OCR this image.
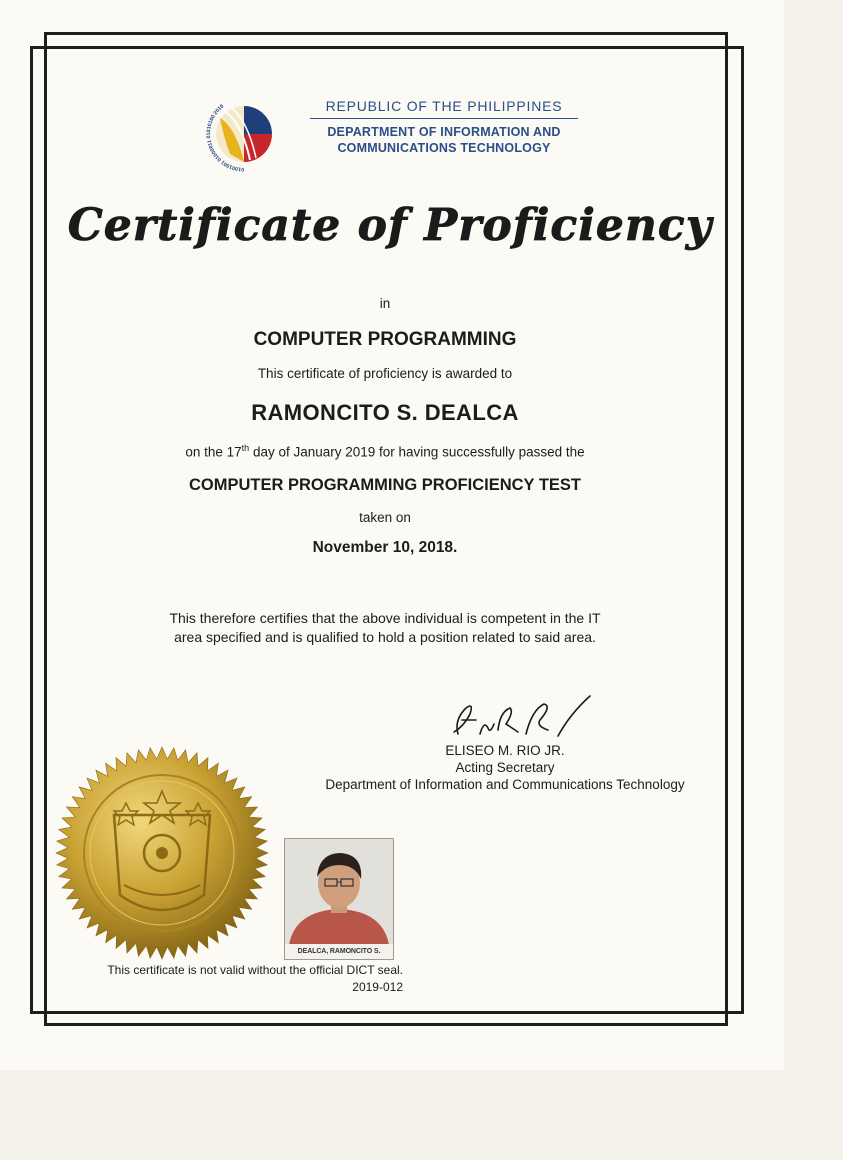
01001001 01000011 01010100 2016	REPUBLIC OF THE PHILIPPINES
DEPARTMENT OF INFORMATION AND
COMMUNICATIONS TECHNOLOGY
Certificate of Proficiency
in
COMPUTER PROGRAMMING
This certificate of proficiency is awarded to
RAMONCITO S. DEALCA
on the 17th day of January 2019 for having successfully passed the
COMPUTER PROGRAMMING PROFICIENCY TEST
taken on
November 10, 2018.
This therefore certifies that the above individual is competent in the IT
area specified and is qualified to hold a position related to said area.
ELISEO M. RIO JR.
Acting Secretary
Department of Information and Communications Technology
DEALCA, RAMONCITO S.
This certificate is not valid without the official DICT seal.
2019-012
